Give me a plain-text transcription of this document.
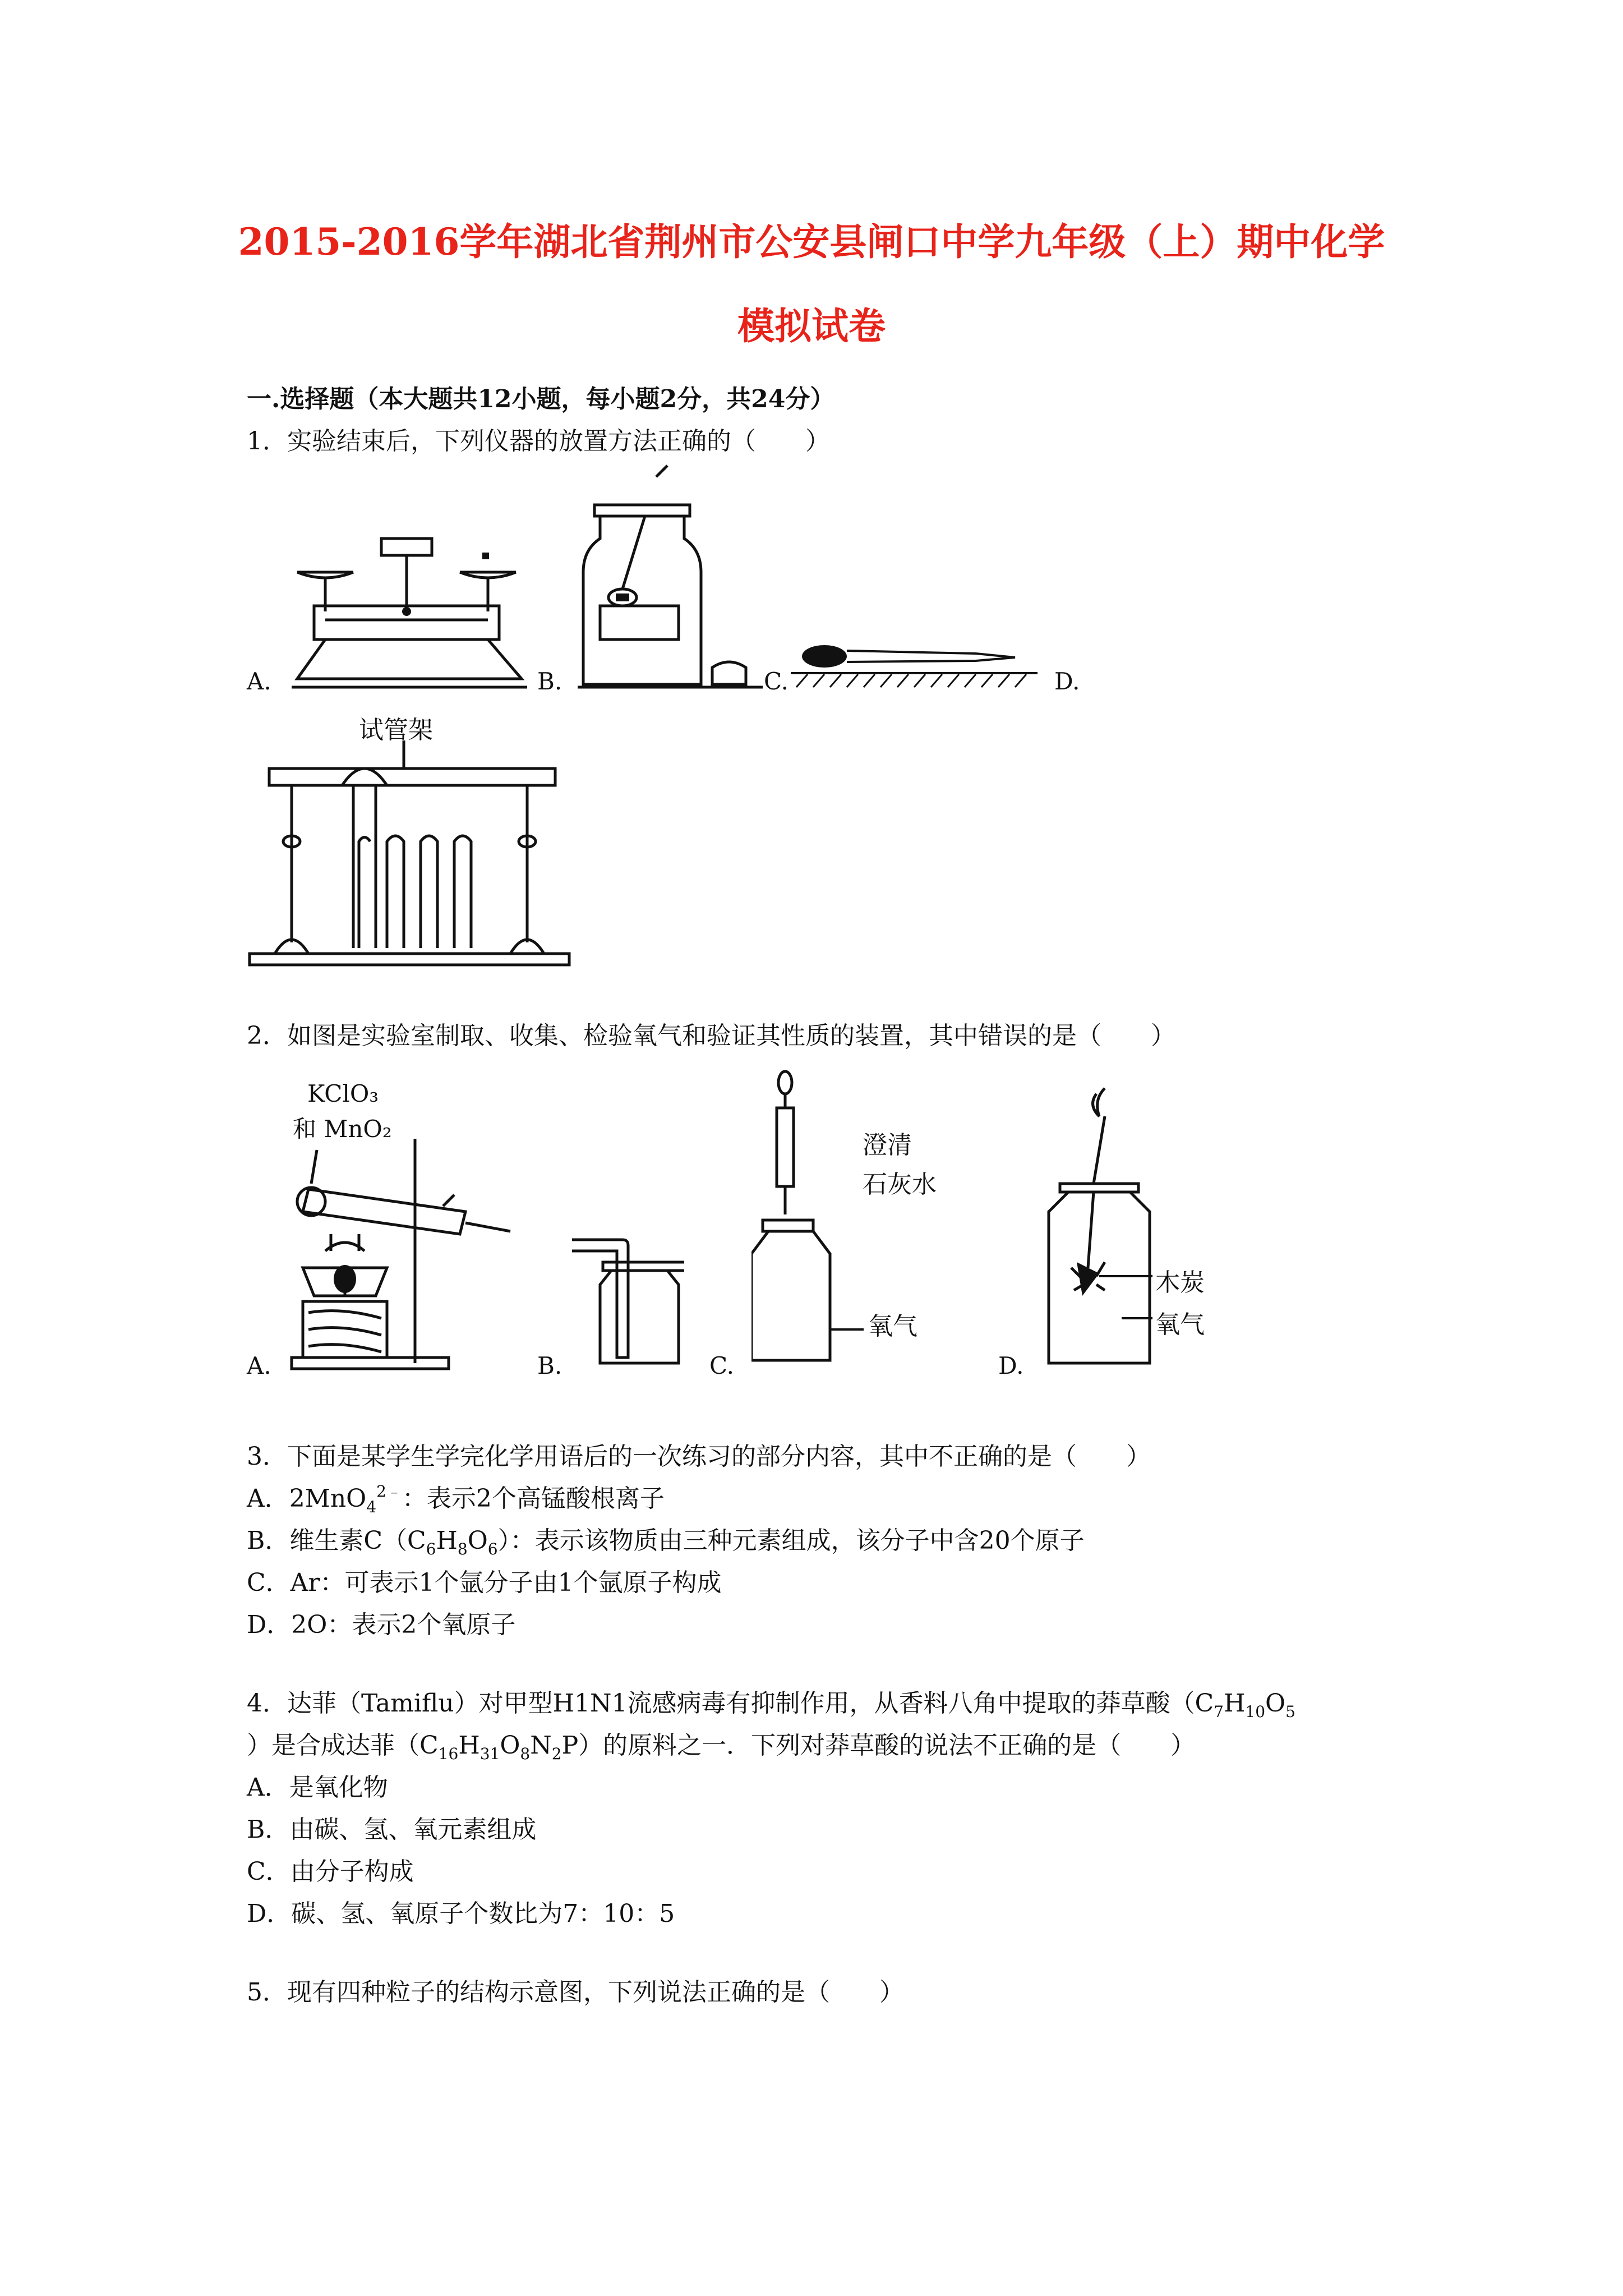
2015-2016学年湖北省荆州市公安县闸口中学九年级（上）期中化学
模拟试卷
一.选择题（本大题共12小题，每小题2分，共24分）
1．实验结束后，下列仪器的放置方法正确的（　　）
A.	B.	C.	D.
试管架
2．如图是实验室制取、收集、检验氧气和验证其性质的装置，其中错误的是（　　）
A.	B.	C.	D.
KClO₃
和 MnO₂
澄清
石灰水
氧气
木炭
氧气
3．下面是某学生学完化学用语后的一次练习的部分内容，其中不正确的是（　　）
A．2MnO$_4^{2﹣}$：表示2个高锰酸根离子
B．维生素$C(C_6H_8O_6)$：表示该物质由三种元素组成，该分子中含20个原子
C．Ar：可表示1个氩分子由1个氩原子构成
D．2O：表示2个氧原子
4．达菲（Tamiflu）对甲型H1N1流感病毒有抑制作用，从香料八角中提取的莽草酸（$C_7H_{10}O_5$
）是合成达菲$(C_{16}H_{31}O_8N_2P)$的原料之一．下列对莽草酸的说法不正确的是（　　）
A．是氧化物
B．由碳、氢、氧元素组成
C．由分子构成
D．碳、氢、氧原子个数比为7：10：5
5．现有四种粒子的结构示意图，下列说法正确的是（　　）
